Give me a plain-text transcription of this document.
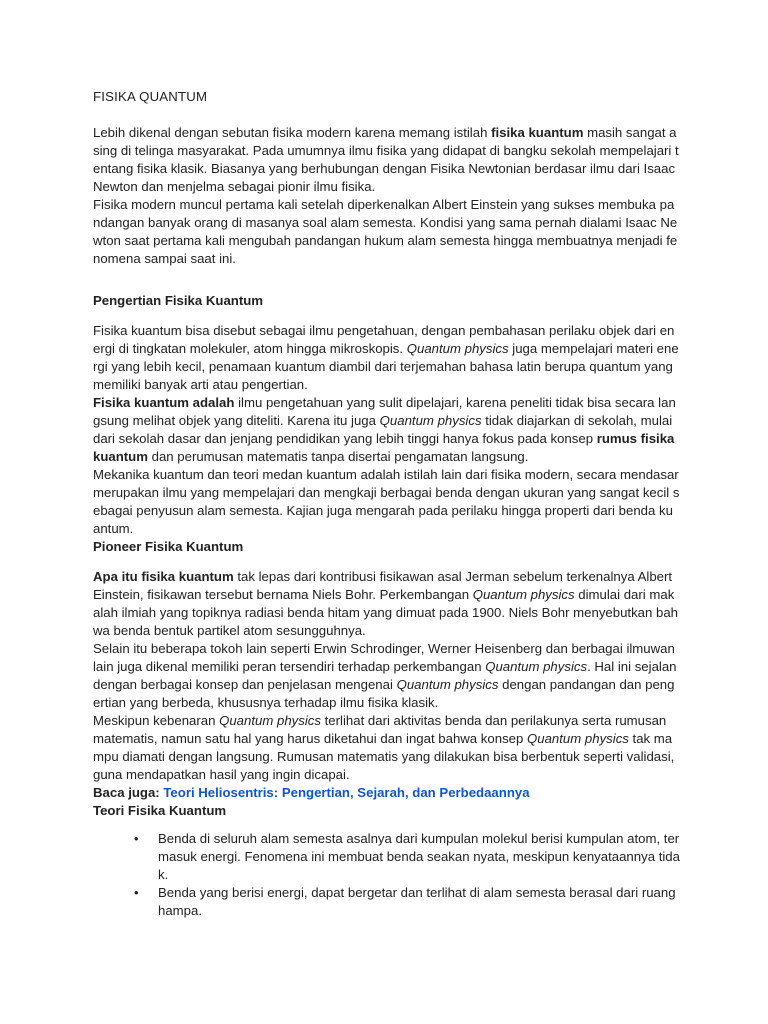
FISIKA QUANTUM

Lebih dikenal dengan sebutan fisika modern karena memang istilah fisika kuantum masih sangat asing di telinga masyarakat. Pada umumnya ilmu fisika yang didapat di bangku sekolah mempelajari tentang fisika klasik. Biasanya yang berhubungan dengan Fisika Newtonian berdasar ilmu dari Isaac Newton dan menjelma sebagai pionir ilmu fisika.

Fisika modern muncul pertama kali setelah diperkenalkan Albert Einstein yang sukses membuka pandangan banyak orang di masanya soal alam semesta. Kondisi yang sama pernah dialami Isaac Newton saat pertama kali mengubah pandangan hukum alam semesta hingga membuatnya menjadi fenomena sampai saat ini.

Pengertian Fisika Kuantum

Fisika kuantum bisa disebut sebagai ilmu pengetahuan, dengan pembahasan perilaku objek dari energi di tingkatan molekuler, atom hingga mikroskopis. Quantum physics juga mempelajari materi energi yang lebih kecil, penamaan kuantum diambil dari terjemahan bahasa latin berupa quantum yang memiliki banyak arti atau pengertian.

Fisika kuantum adalah ilmu pengetahuan yang sulit dipelajari, karena peneliti tidak bisa secara langsung melihat objek yang diteliti. Karena itu juga Quantum physics tidak diajarkan di sekolah, mulai dari sekolah dasar dan jenjang pendidikan yang lebih tinggi hanya fokus pada konsep rumus fisika kuantum dan perumusan matematis tanpa disertai pengamatan langsung.

Mekanika kuantum dan teori medan kuantum adalah istilah lain dari fisika modern, secara mendasar merupakan ilmu yang mempelajari dan mengkaji berbagai benda dengan ukuran yang sangat kecil sebagai penyusun alam semesta. Kajian juga mengarah pada perilaku hingga properti dari benda kuantum.

Pioneer Fisika Kuantum

Apa itu fisika kuantum tak lepas dari kontribusi fisikawan asal Jerman sebelum terkenalnya Albert Einstein, fisikawan tersebut bernama Niels Bohr. Perkembangan Quantum physics dimulai dari makalah ilmiah yang topiknya radiasi benda hitam yang dimuat pada 1900. Niels Bohr menyebutkan bahwa benda bentuk partikel atom sesungguhnya.

Selain itu beberapa tokoh lain seperti Erwin Schrodinger, Werner Heisenberg dan berbagai ilmuwan lain juga dikenal memiliki peran tersendiri terhadap perkembangan Quantum physics. Hal ini sejalan dengan berbagai konsep dan penjelasan mengenai Quantum physics dengan pandangan dan pengertian yang berbeda, khususnya terhadap ilmu fisika klasik.

Meskipun kebenaran Quantum physics terlihat dari aktivitas benda dan perilakunya serta rumusan matematis, namun satu hal yang harus diketahui dan ingat bahwa konsep Quantum physics tak mampu diamati dengan langsung. Rumusan matematis yang dilakukan bisa berbentuk seperti validasi, guna mendapatkan hasil yang ingin dicapai.

Baca juga: Teori Heliosentris: Pengertian, Sejarah, dan Perbedaannya

Teori Fisika Kuantum

• Benda di seluruh alam semesta asalnya dari kumpulan molekul berisi kumpulan atom, termasuk energi. Fenomena ini membuat benda seakan nyata, meskipun kenyataannya tidak.
• Benda yang berisi energi, dapat bergetar dan terlihat di alam semesta berasal dari ruang hampa.
